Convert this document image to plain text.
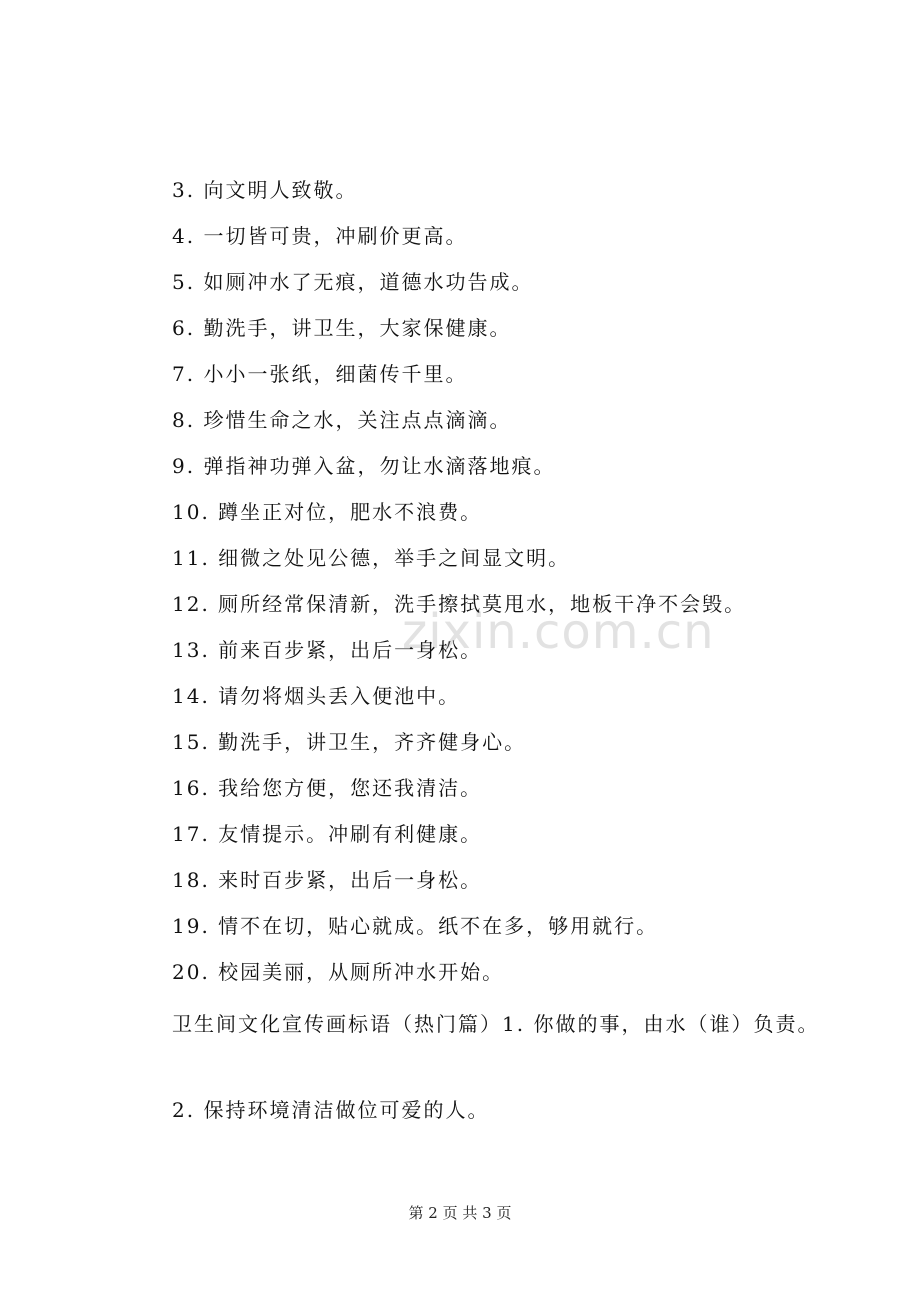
3. 向文明人致敬。
4. 一切皆可贵，冲刷价更高。
5. 如厕冲水了无痕，道德水功告成。
6. 勤洗手，讲卫生，大家保健康。
7. 小小一张纸，细菌传千里。
8. 珍惜生命之水，关注点点滴滴。
9. 弹指神功弹入盆，勿让水滴落地痕。
10. 蹲坐正对位，肥水不浪费。
11. 细微之处见公德，举手之间显文明。
12. 厕所经常保清新，洗手擦拭莫甩水，地板干净不会毁。
13. 前来百步紧，出后一身松。
14. 请勿将烟头丢入便池中。
15. 勤洗手，讲卫生，齐齐健身心。
16. 我给您方便，您还我清洁。
17. 友情提示。冲刷有利健康。
18. 来时百步紧，出后一身松。
19. 情不在切，贴心就成。纸不在多，够用就行。
20. 校园美丽，从厕所冲水开始。
卫生间文化宣传画标语（热门篇）1. 你做的事，由水（谁）负责。
2. 保持环境清洁做位可爱的人。
zixin.com.cn
第 2 页 共 3 页
